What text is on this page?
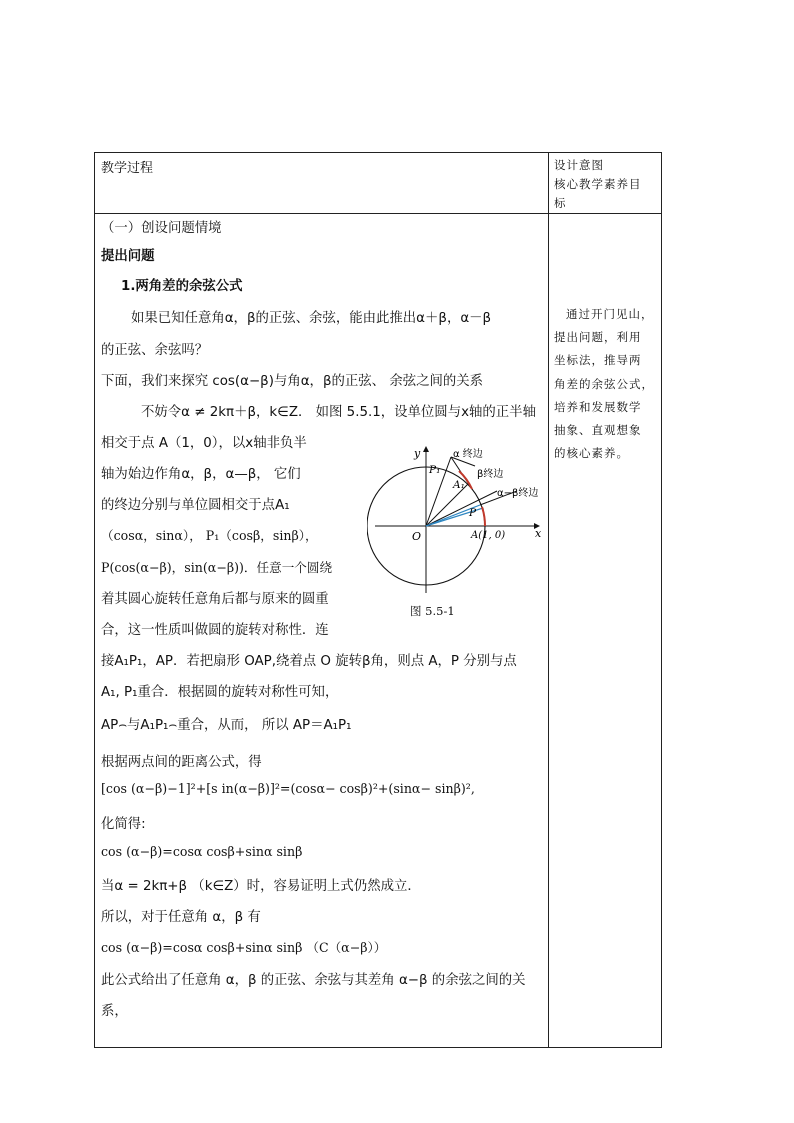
教学过程	设计意图
核心教学素养目
标
（一）创设问题情境
提出问题
1.两角差的余弦公式
如果已知任意角α，β的正弦、余弦，能由此推出α＋β，α－β
的正弦、余弦吗？
下面，我们来探究 cos(α−β)与角α，β的正弦、 余弦之间的关系
不妨令α ≠ 2kπ＋β，k∈Z． 如图 5.5.1，设单位圆与x轴的正半轴
相交于点 A（1，0），以x轴非负半
轴为始边作角α，β，α—β， 它们
的终边分别与单位圆相交于点A₁
（cosα，sinα）， P₁（cosβ，sinβ），
P(cos(α−β)，sin(α−β))．任意一个圆绕
着其圆心旋转任意角后都与原来的圆重
合，这一性质叫做圆的旋转对称性．连
接A₁P₁，AP．若把扇形 OAP,绕着点 O 旋转β角，则点 A，P 分别与点
A₁, P₁重合．根据圆的旋转对称性可知，
AP⌢与A₁P₁⌢重合，从而， 所以 AP＝A₁P₁
根据两点间的距离公式，得
[cos (α−β)−1]²+[s in(α−β)]²=(cosα− cosβ)²+(sinα− sinβ)²,
化简得:
cos (α−β)=cosα cosβ+sinα sinβ
当α = 2kπ+β （k∈Z）时，容易证明上式仍然成立．
所以，对于任意角 α，β 有
cos (α−β)=cosα cosβ+sinα sinβ （C（α−β））
此公式给出了任意角 α，β 的正弦、余弦与其差角 α−β 的余弦之间的关
系，
通过开门见山，
提出问题，利用
坐标法，推导两
角差的余弦公式，
培养和发展数学
抽象、直观想象
的核心素养。
y
x
O
P₁
A₁
P
A(1, 0)
α 终边
β终边
α−β终边
图 5.5-1
